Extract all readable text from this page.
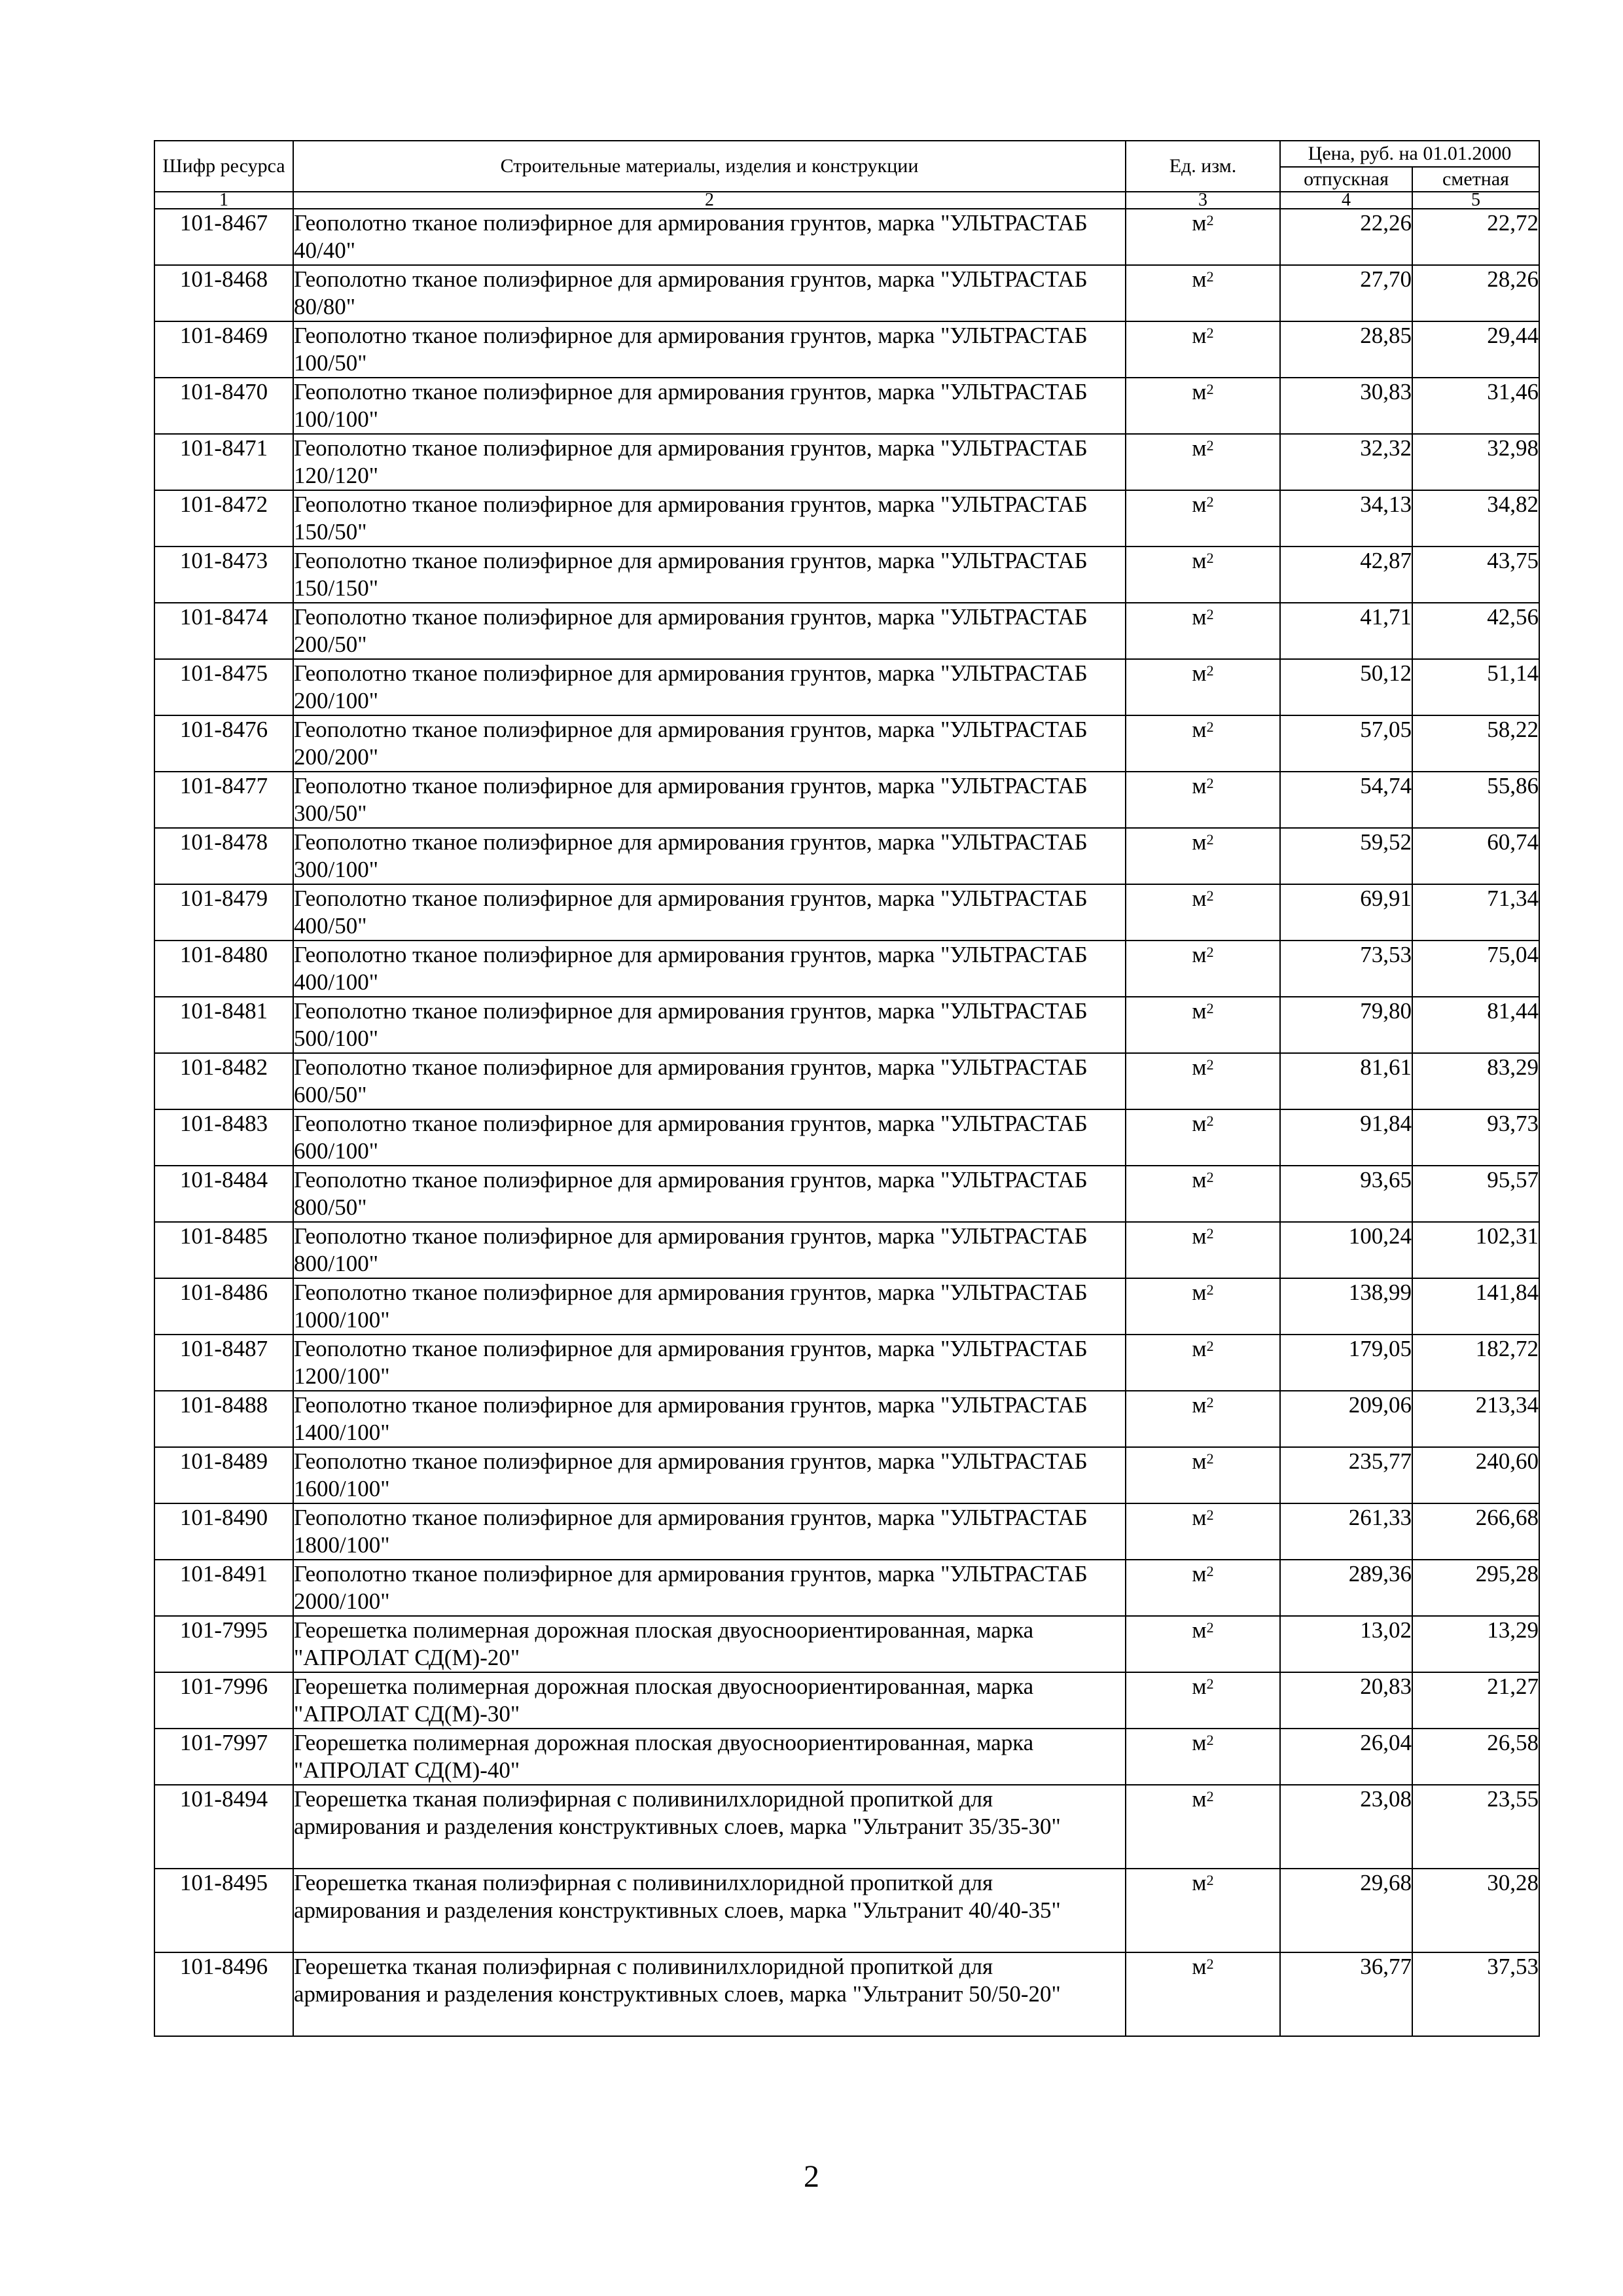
Шифр ресурса	Строительные материалы, изделия и конструкции	Ед. изм.	Цена, руб. на 01.01.2000	
			отпускная	сметная
1	2	3	4	5
101-8467	Геополотно тканое полиэфирное для армирования грунтов, марка "УЛЬТРАСТАБ 40/40"	$м^2$	22,26	22,72
101-8468	Геополотно тканое полиэфирное для армирования грунтов, марка "УЛЬТРАСТАБ 80/80"	$м^2$	27,70	28,26
101-8469	Геополотно тканое полиэфирное для армирования грунтов, марка "УЛЬТРАСТАБ 100/50"	$м^2$	28,85	29,44
101-8470	Геополотно тканое полиэфирное для армирования грунтов, марка "УЛЬТРАСТАБ 100/100"	$м^2$	30,83	31,46
101-8471	Геополотно тканое полиэфирное для армирования грунтов, марка "УЛЬТРАСТАБ 120/120"	$м^2$	32,32	32,98
101-8472	Геополотно тканое полиэфирное для армирования грунтов, марка "УЛЬТРАСТАБ 150/50"	$м^2$	34,13	34,82
101-8473	Геополотно тканое полиэфирное для армирования грунтов, марка "УЛЬТРАСТАБ 150/150"	$м^2$	42,87	43,75
101-8474	Геополотно тканое полиэфирное для армирования грунтов, марка "УЛЬТРАСТАБ 200/50"	$м^2$	41,71	42,56
101-8475	Геополотно тканое полиэфирное для армирования грунтов, марка "УЛЬТРАСТАБ 200/100"	$м^2$	50,12	51,14
101-8476	Геополотно тканое полиэфирное для армирования грунтов, марка "УЛЬТРАСТАБ 200/200"	$м^2$	57,05	58,22
101-8477	Геополотно тканое полиэфирное для армирования грунтов, марка "УЛЬТРАСТАБ 300/50"	$м^2$	54,74	55,86
101-8478	Геополотно тканое полиэфирное для армирования грунтов, марка "УЛЬТРАСТАБ 300/100"	$м^2$	59,52	60,74
101-8479	Геополотно тканое полиэфирное для армирования грунтов, марка "УЛЬТРАСТАБ 400/50"	$м^2$	69,91	71,34
101-8480	Геополотно тканое полиэфирное для армирования грунтов, марка "УЛЬТРАСТАБ 400/100"	$м^2$	73,53	75,04
101-8481	Геополотно тканое полиэфирное для армирования грунтов, марка "УЛЬТРАСТАБ 500/100"	$м^2$	79,80	81,44
101-8482	Геополотно тканое полиэфирное для армирования грунтов, марка "УЛЬТРАСТАБ 600/50"	$м^2$	81,61	83,29
101-8483	Геополотно тканое полиэфирное для армирования грунтов, марка "УЛЬТРАСТАБ 600/100"	$м^2$	91,84	93,73
101-8484	Геополотно тканое полиэфирное для армирования грунтов, марка "УЛЬТРАСТАБ 800/50"	$м^2$	93,65	95,57
101-8485	Геополотно тканое полиэфирное для армирования грунтов, марка "УЛЬТРАСТАБ 800/100"	$м^2$	100,24	102,31
101-8486	Геополотно тканое полиэфирное для армирования грунтов, марка "УЛЬТРАСТАБ 1000/100"	$м^2$	138,99	141,84
101-8487	Геополотно тканое полиэфирное для армирования грунтов, марка "УЛЬТРАСТАБ 1200/100"	$м^2$	179,05	182,72
101-8488	Геополотно тканое полиэфирное для армирования грунтов, марка "УЛЬТРАСТАБ 1400/100"	$м^2$	209,06	213,34
101-8489	Геополотно тканое полиэфирное для армирования грунтов, марка "УЛЬТРАСТАБ 1600/100"	$м^2$	235,77	240,60
101-8490	Геополотно тканое полиэфирное для армирования грунтов, марка "УЛЬТРАСТАБ 1800/100"	$м^2$	261,33	266,68
101-8491	Геополотно тканое полиэфирное для армирования грунтов, марка "УЛЬТРАСТАБ 2000/100"	$м^2$	289,36	295,28
101-7995	Георешетка полимерная дорожная плоская двуосноориентированная, марка "АПРОЛАТ СД(М)-20"	$м^2$	13,02	13,29
101-7996	Георешетка полимерная дорожная плоская двуосноориентированная, марка "АПРОЛАТ СД(М)-30"	$м^2$	20,83	21,27
101-7997	Георешетка полимерная дорожная плоская двуосноориентированная, марка "АПРОЛАТ СД(М)-40"	$м^2$	26,04	26,58
101-8494	Георешетка тканая полиэфирная с поливинилхлоридной пропиткой для армирования и разделения конструктивных слоев, марка "Ультранит 35/35-30"	$м^2$	23,08	23,55
101-8495	Георешетка тканая полиэфирная с поливинилхлоридной пропиткой для армирования и разделения конструктивных слоев, марка "Ультранит 40/40-35"	$м^2$	29,68	30,28
101-8496	Георешетка тканая полиэфирная с поливинилхлоридной пропиткой для армирования и разделения конструктивных слоев, марка "Ультранит 50/50-20"	$м^2$	36,77	37,53
2
